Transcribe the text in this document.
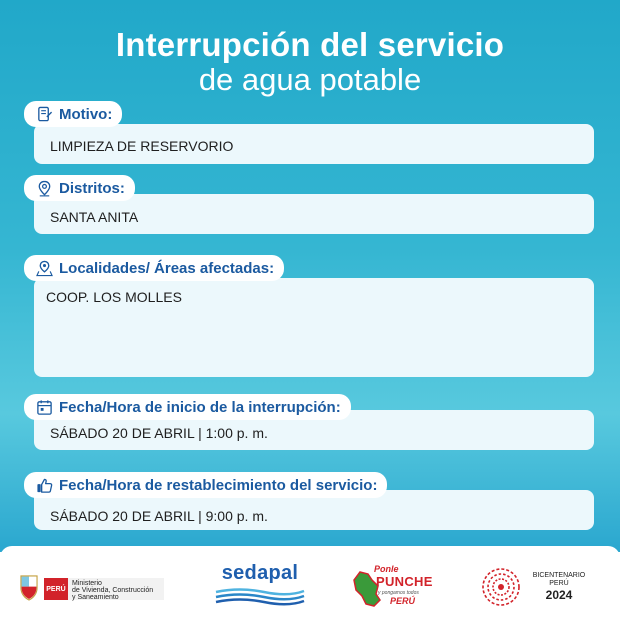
Interrupción del servicio
de agua potable
LIMPIEZA DE RESERVORIO
Motivo:
SANTA ANITA
Distritos:
COOP. LOS MOLLES
Localidades/ Áreas afectadas:
SÁBADO 20 DE ABRIL | 1:00 p. m.
Fecha/Hora de inicio de la interrupción:
SÁBADO 20 DE ABRIL | 9:00 p. m.
Fecha/Hora de restablecimiento del servicio:
PERÚ
Ministerio
de Vivienda, Construcción
y Saneamiento
sedapal	Ponle
PUNCHE
y pongamos todos
PERÚ
BICENTENARIO
PERÚ
2024
